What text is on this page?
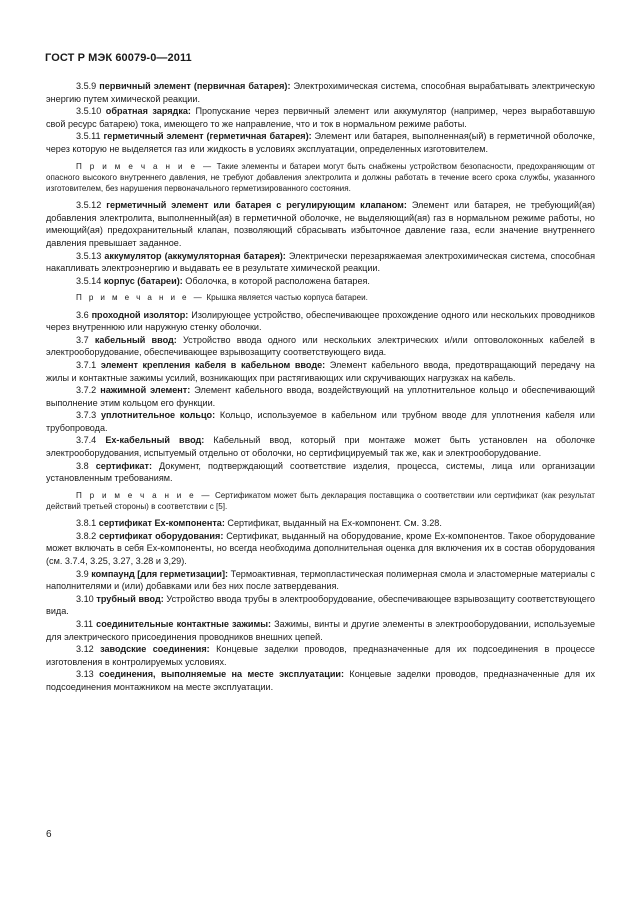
ГОСТ Р МЭК 60079-0—2011

3.5.9 первичный элемент (первичная батарея): Электрохимическая система, способная вырабатывать электрическую энергию путем химической реакции.

3.5.10 обратная зарядка: Пропускание через первичный элемент или аккумулятор (например, через выработавшую свой ресурс батарею) тока, имеющего то же направление, что и ток в нормальном режиме работы.

3.5.11 герметичный элемент (герметичная батарея): Элемент или батарея, выполненная(ый) в герметичной оболочке, через которую не выделяется газ или жидкость в условиях эксплуатации, определенных изготовителем.

П р и м е ч а н и е — Такие элементы и батареи могут быть снабжены устройством безопасности, предохраняющим от опасного высокого внутреннего давления, не требуют добавления электролита и должны работать в течение всего срока службы, указанного изготовителем, без нарушения первоначального герметизированного состояния.

3.5.12 герметичный элемент или батарея с регулирующим клапаном: Элемент или батарея, не требующий(ая) добавления электролита, выполненный(ая) в герметичной оболочке, не выделяющий(ая) газ в нормальном режиме работы, но имеющий(ая) предохранительный клапан, позволяющий сбрасывать избыточное давление газа, если значение внутреннего давления превышает заданное.

3.5.13 аккумулятор (аккумуляторная батарея): Электрически перезаряжаемая электрохимическая система, способная накапливать электроэнергию и выдавать ее в результате химической реакции.

3.5.14 корпус (батареи): Оболочка, в которой расположена батарея.

П р и м е ч а н и е — Крышка является частью корпуса батареи.

3.6 проходной изолятор: Изолирующее устройство, обеспечивающее прохождение одного или нескольких проводников через внутреннюю или наружную стенку оболочки.

3.7 кабельный ввод: Устройство ввода одного или нескольких электрических и/или оптоволоконных кабелей в электрооборудование, обеспечивающее взрывозащиту соответствующего вида.

3.7.1 элемент крепления кабеля в кабельном вводе: Элемент кабельного ввода, предотвращающий передачу на жилы и контактные зажимы усилий, возникающих при растягивающих или скручивающих нагрузках на кабель.

3.7.2 нажимной элемент: Элемент кабельного ввода, воздействующий на уплотнительное кольцо и обеспечивающий выполнение этим кольцом его функции.

3.7.3 уплотнительное кольцо: Кольцо, используемое в кабельном или трубном вводе для уплотнения кабеля или трубопровода.

3.7.4 Ex-кабельный ввод: Кабельный ввод, который при монтаже может быть установлен на оболочке электрооборудования, испытуемый отдельно от оболочки, но сертифицируемый так же, как и электрооборудование.

3.8 сертификат: Документ, подтверждающий соответствие изделия, процесса, системы, лица или организации установленным требованиям.

П р и м е ч а н и е — Сертификатом может быть декларация поставщика о соответствии или сертификат (как результат действий третьей стороны) в соответствии с [5].

3.8.1 сертификат Ex-компонента: Сертификат, выданный на Ex-компонент. См. 3.28.

3.8.2 сертификат оборудования: Сертификат, выданный на оборудование, кроме Ex-компонентов. Такое оборудование может включать в себя Ex-компоненты, но всегда необходима дополнительная оценка для включения их в состав оборудования (см. 3.7.4, 3.25, 3.27, 3.28 и 3,29).

3.9 компаунд [для герметизации]: Термоактивная, термопластическая полимерная смола и эластомерные материалы с наполнителями и (или) добавками или без них после затвердевания.

3.10 трубный ввод: Устройство ввода трубы в электрооборудование, обеспечивающее взрывозащиту соответствующего вида.

3.11 соединительные контактные зажимы: Зажимы, винты и другие элементы в электрооборудовании, используемые для электрического присоединения проводников внешних цепей.

3.12 заводские соединения: Концевые заделки проводов, предназначенные для их подсоединения в процессе изготовления в контролируемых условиях.

3.13 соединения, выполняемые на месте эксплуатации: Концевые заделки проводов, предназначенные для их подсоединения монтажником на месте эксплуатации.

6
